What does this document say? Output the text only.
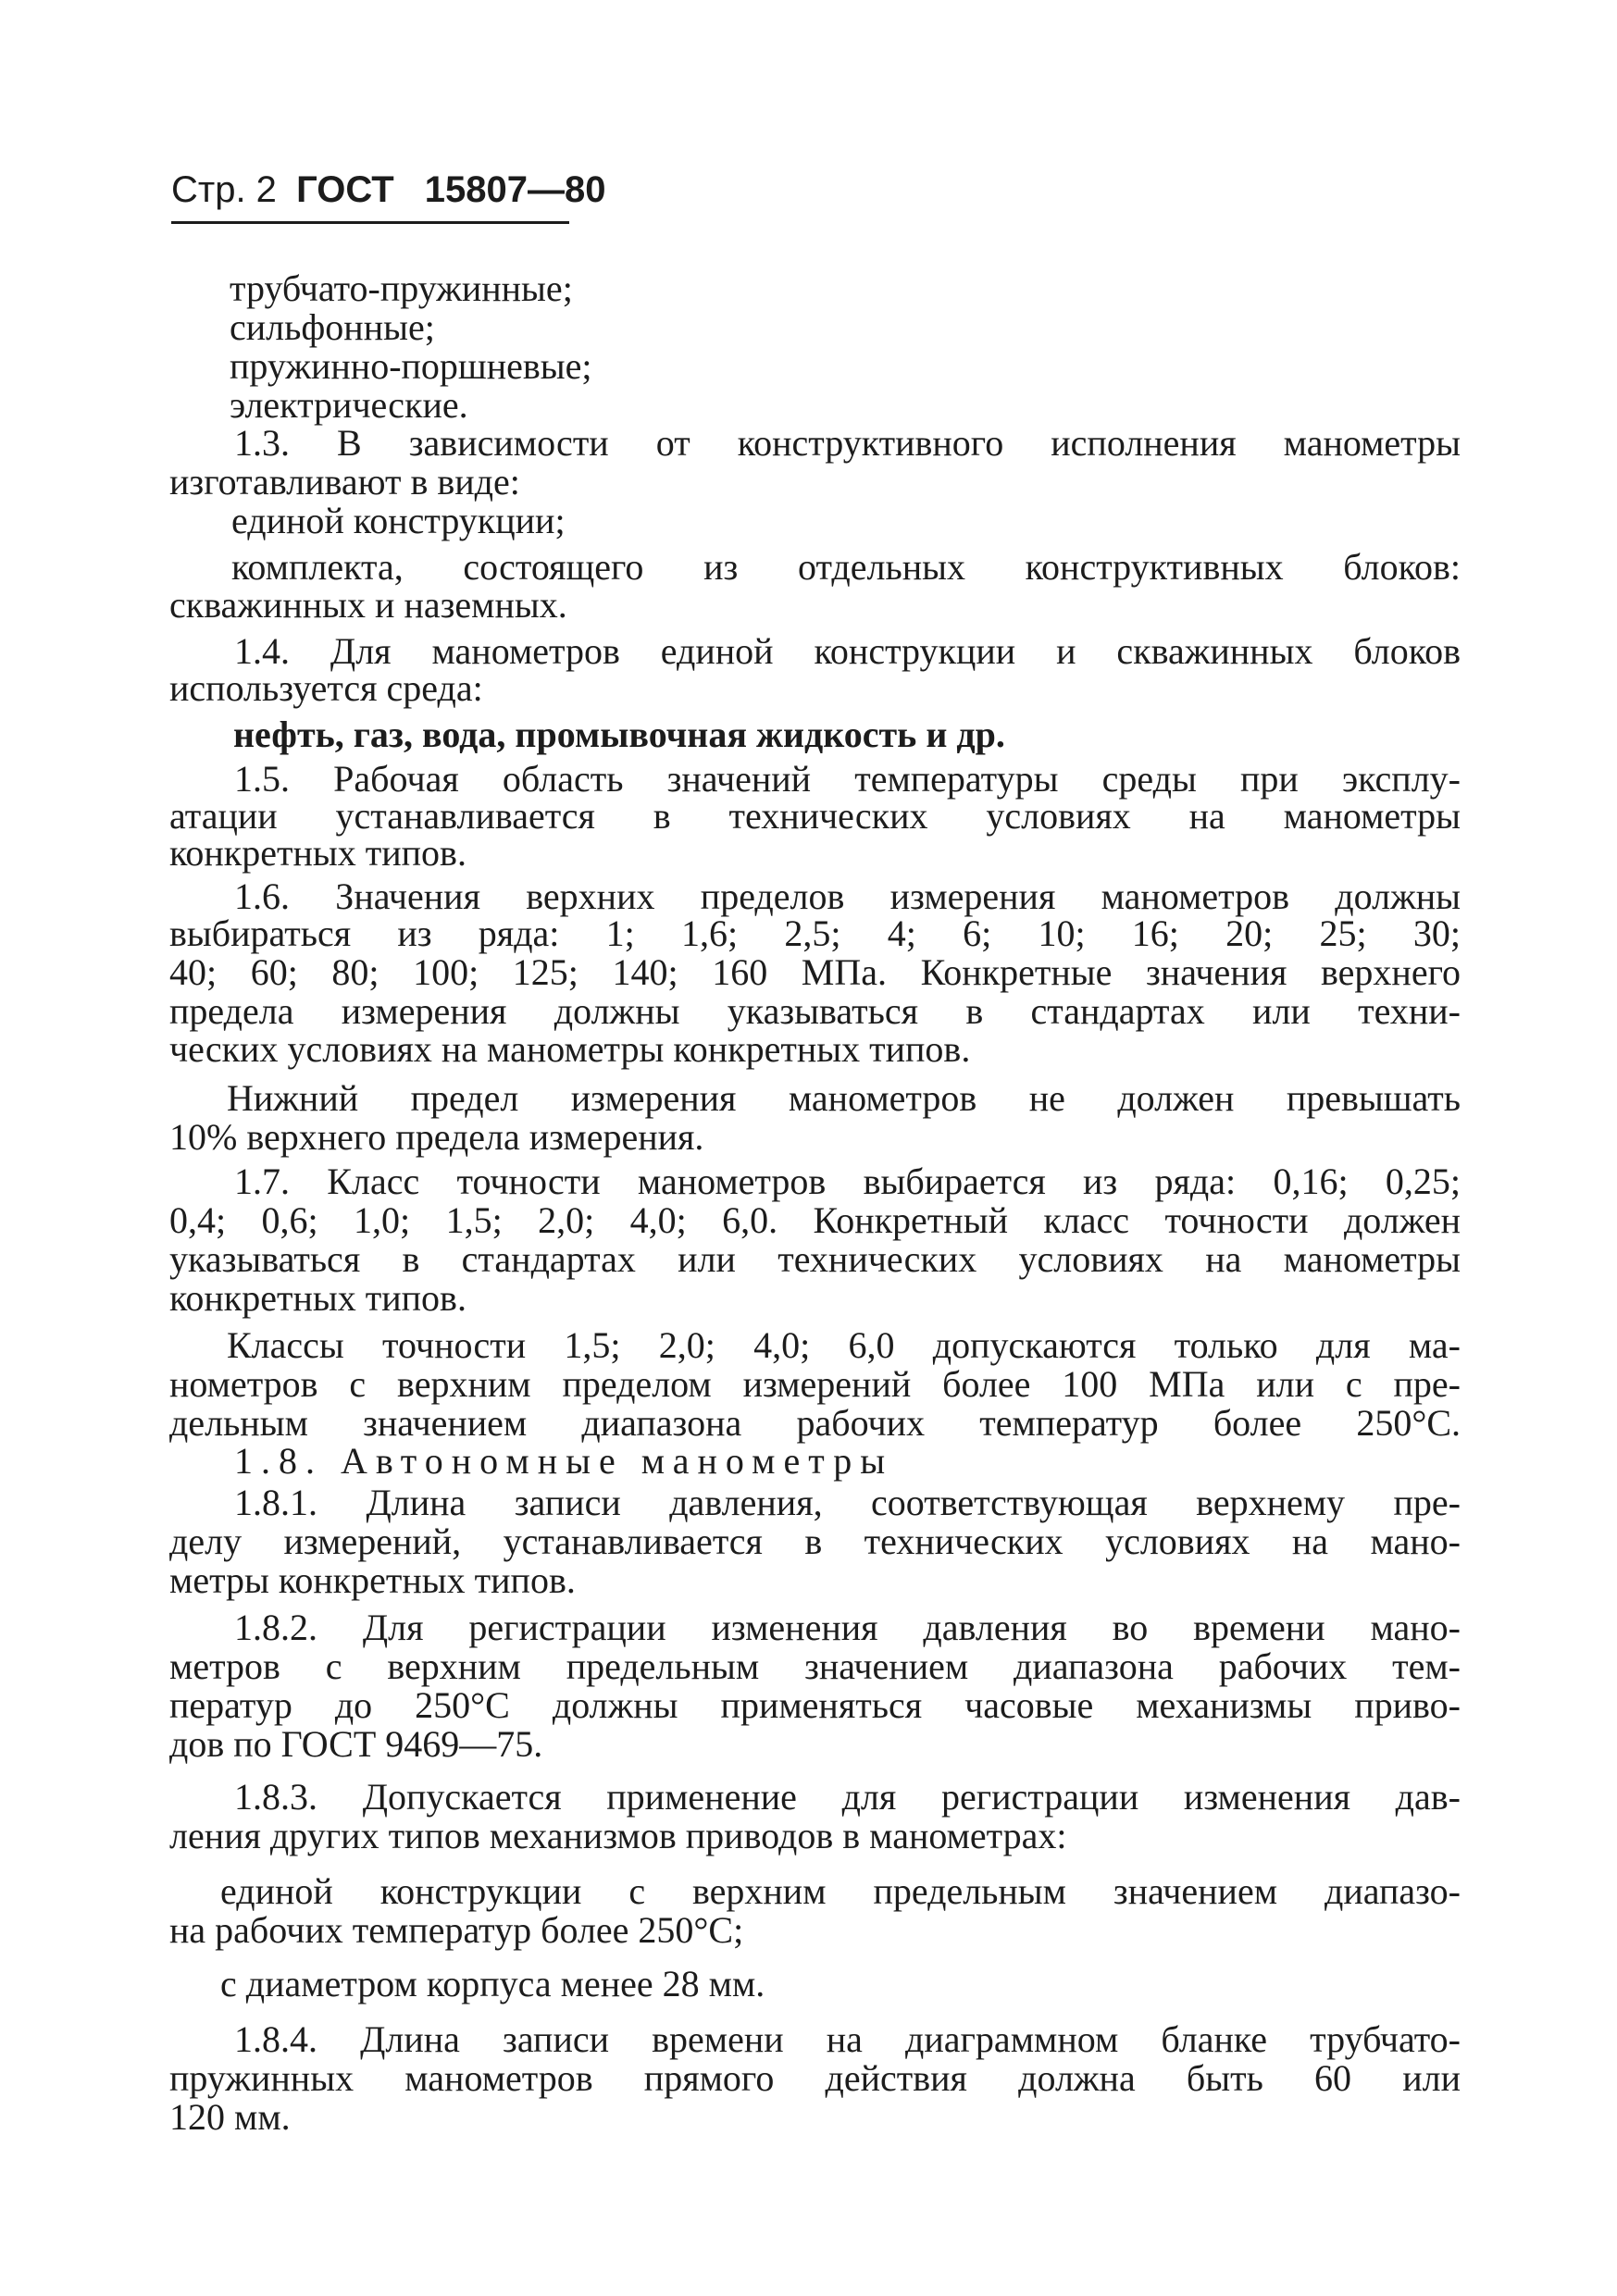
Стр. 2 ГОСТ 15807—80
трубчато-пружинные;
сильфонные;
пружинно-поршневые;
электрические.
1.3. В зависимости от конструктивного исполнения манометры
изготавливают в виде:
единой конструкции;
комплекта, состоящего из отдельных конструктивных блоков:
скважинных и наземных.
1.4. Для манометров единой конструкции и скважинных блоков
используется среда:
нефть, газ, вода, промывочная жидкость и др.
1.5. Рабочая область значений температуры среды при эксплу-
атации устанавливается в технических условиях на манометры
конкретных типов.
1.6. Значения верхних пределов измерения манометров должны
выбираться из ряда: 1; 1,6; 2,5; 4; 6; 10; 16; 20; 25; 30;
40; 60; 80; 100; 125; 140; 160 МПа. Конкретные значения верхнего
предела измерения должны указываться в стандартах или техни-
ческих условиях на манометры конкретных типов.
Нижний предел измерения манометров не должен превышать
10% верхнего предела измерения.
1.7. Класс точности манометров выбирается из ряда: 0,16; 0,25;
0,4; 0,6; 1,0; 1,5; 2,0; 4,0; 6,0. Конкретный класс точности должен
указываться в стандартах или технических условиях на манометры
конкретных типов.
Классы точности 1,5; 2,0; 4,0; 6,0 допускаются только для ма-
нометров с верхним пределом измерений более 100 МПа или с пре-
дельным значением диапазона рабочих температур более 250°С.
1.8. Автономные манометры
1.8.1. Длина записи давления, соответствующая верхнему пре-
делу измерений, устанавливается в технических условиях на мано-
метры конкретных типов.
1.8.2. Для регистрации изменения давления во времени мано-
метров с верхним предельным значением диапазона рабочих тем-
ператур до 250°С должны применяться часовые механизмы приво-
дов по ГОСТ 9469—75.
1.8.3. Допускается применение для регистрации изменения дав-
ления других типов механизмов приводов в манометрах:
единой конструкции с верхним предельным значением диапазо-
на рабочих температур более 250°С;
с диаметром корпуса менее 28 мм.
1.8.4. Длина записи времени на диаграммном бланке трубчато-
пружинных манометров прямого действия должна быть 60 или
120 мм.
